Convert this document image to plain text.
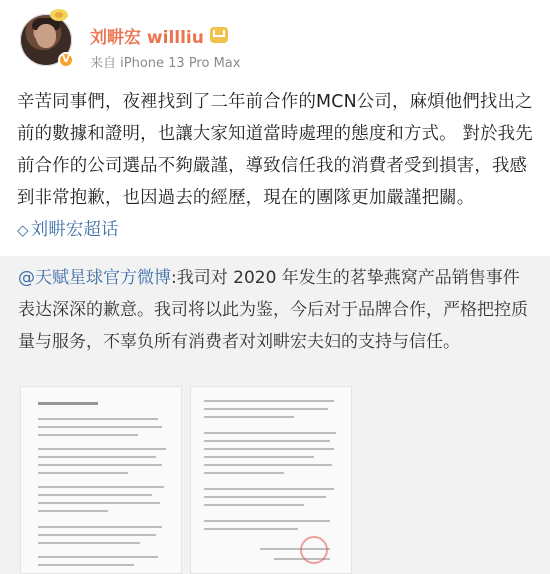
V
刘畊宏 willliu
来自 iPhone 13 Pro Max
辛苦同事們，夜裡找到了二年前合作的MCN公司，麻煩他們找出之前的數據和證明，也讓大家知道當時處理的態度和方式。 對於我先前合作的公司選品不夠嚴謹，導致信任我的消費者受到損害，我感到非常抱歉，也因過去的經歷，現在的團隊更加嚴謹把關。 ◇ 刘畊宏超话
@天赋星球官方微博:我司对 2020 年发生的茗挚燕窝产品销售事件表达深深的歉意。我司将以此为鉴，今后对于品牌合作，严格把控质量与服务，不辜负所有消费者对刘畊宏夫妇的支持与信任。
